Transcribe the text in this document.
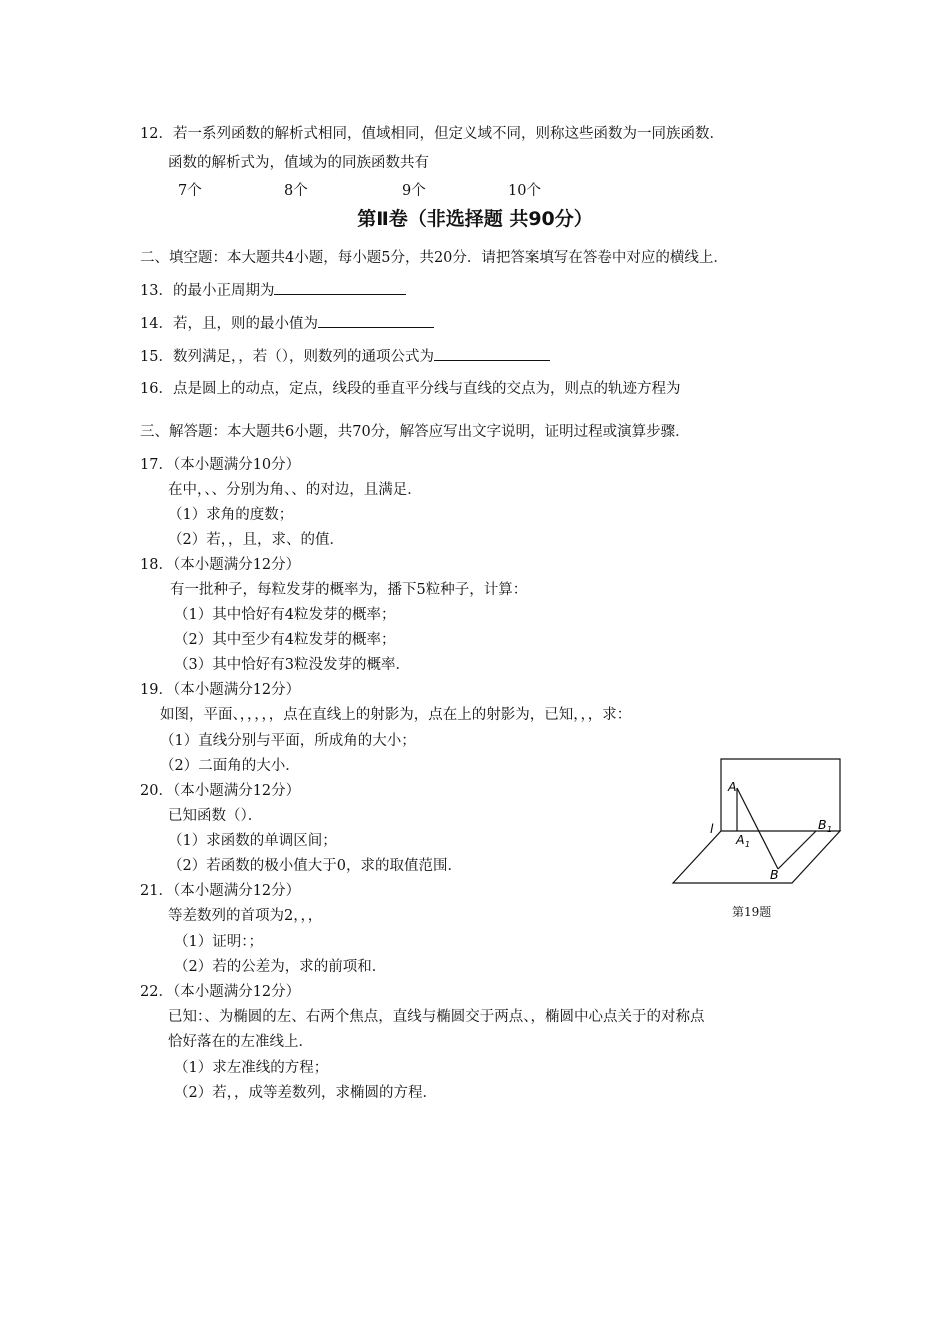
12．若一系列函数的解析式相同，值域相同，但定义域不同，则称这些函数为一同族函数．
函数的解析式为，值域为的同族函数共有
7个	8个	9个	10个
第Ⅱ卷（非选择题 共90分）
二、填空题：本大题共4小题，每小题5分，共20分．请把答案填写在答卷中对应的横线上．
13．的最小正周期为
14．若，且，则的最小值为
15．数列满足，，若（），则数列的通项公式为
16．点是圆上的动点，定点，线段的垂直平分线与直线的交点为，则点的轨迹方程为
三、解答题：本大题共6小题，共70分，解答应写出文字说明，证明过程或演算步骤．
17．（本小题满分10分）
在中，、、分别为角、、的对边，且满足．
（1）求角的度数；
（2）若，，且，求、的值．
18．（本小题满分12分）
有一批种子，每粒发芽的概率为，播下5粒种子，计算：
（1）其中恰好有4粒发芽的概率；
（2）其中至少有4粒发芽的概率；
（3）其中恰好有3粒没发芽的概率．
19．（本小题满分12分）
如图，平面、，，，，，点在直线上的射影为，点在上的射影为，已知，，，求：
（1）直线分别与平面，所成角的大小；
（2）二面角的大小．
20．（本小题满分12分）
已知函数（）．
（1）求函数的单调区间；
（2）若函数的极小值大于0，求的取值范围．
21．（本小题满分12分）
等差数列的首项为2，，，
（1）证明：；
（2）若的公差为，求的前项和．
22．（本小题满分12分）
已知：、为椭圆的左、右两个焦点，直线与椭圆交于两点、，椭圆中心点关于的对称点
恰好落在的左准线上．
（1）求左准线的方程；
（2）若，，成等差数列，求椭圆的方程．
A
A 1
B 1
B
l
第19题
